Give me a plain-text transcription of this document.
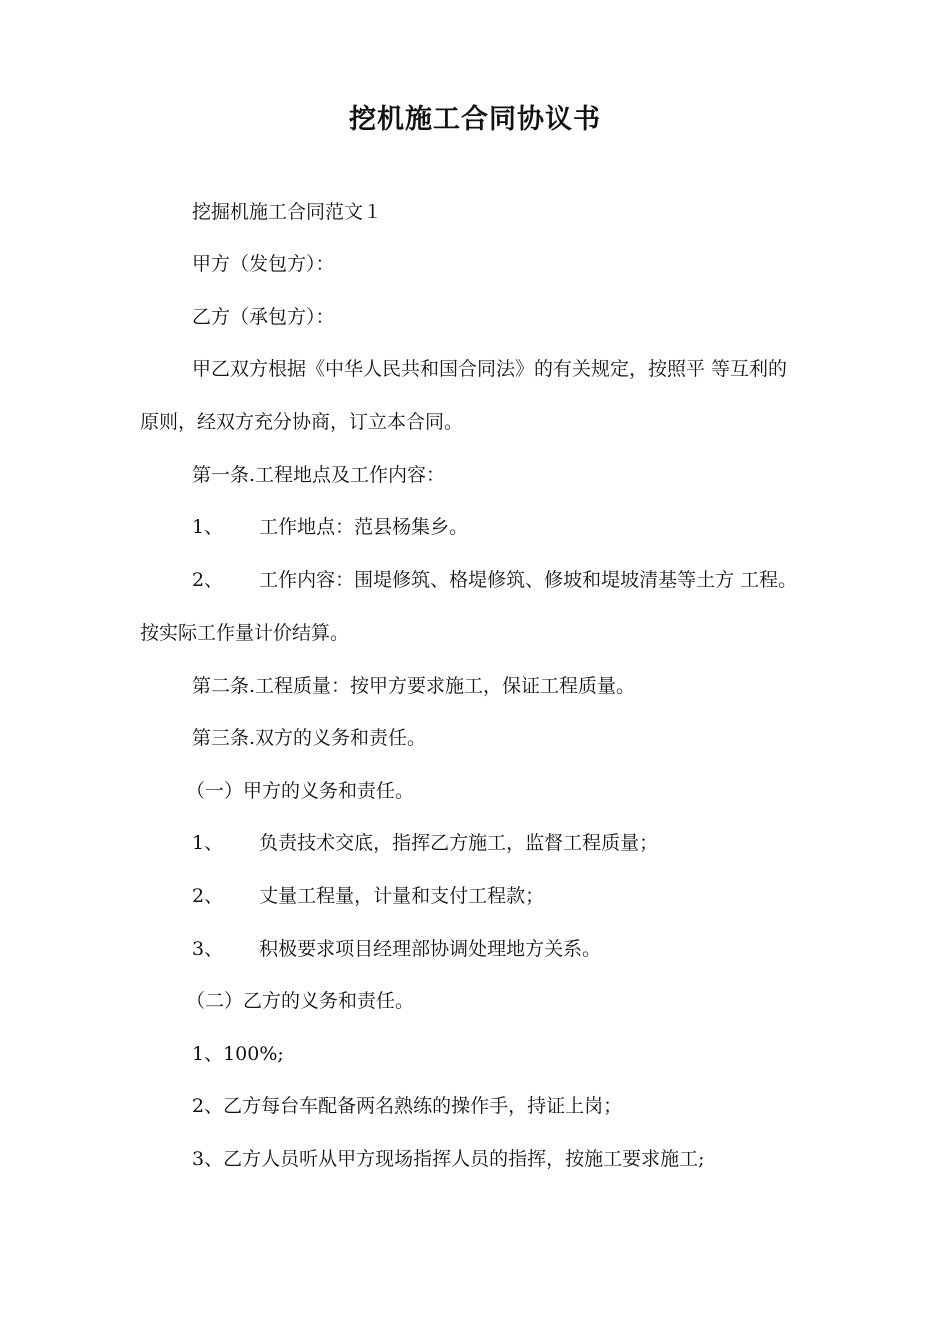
挖机施工合同协议书
挖掘机施工合同范文１
甲方（发包方）：
乙方（承包方）：
甲乙双方根据《中华人民共和国合同法》的有关规定，按照平 等互利的
原则，经双方充分协商，订立本合同。
第一条.工程地点及工作内容：
1、 工作地点：范县杨集乡。
2、 工作内容：围堤修筑、格堤修筑、修坡和堤坡清基等土方 工程。
按实际工作量计价结算。
第二条.工程质量：按甲方要求施工，保证工程质量。
第三条.双方的义务和责任。
（一）甲方的义务和责任。
1、 负责技术交底，指挥乙方施工，监督工程质量；
2、 丈量工程量，计量和支付工程款；
3、 积极要求项目经理部协调处理地方关系。
（二）乙方的义务和责任。
1、100%;
2、乙方每台车配备两名熟练的操作手，持证上岗；
3、乙方人员听从甲方现场指挥人员的指挥，按施工要求施工;
